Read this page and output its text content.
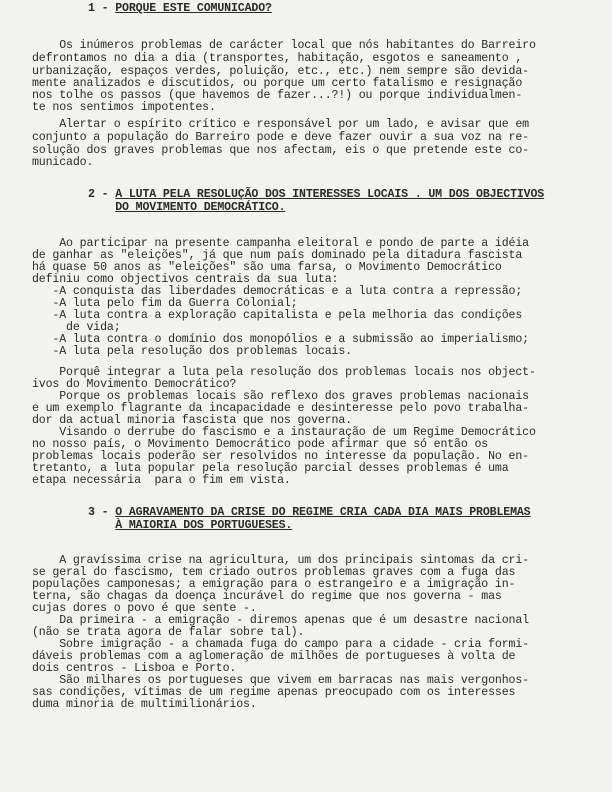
1 - PORQUE ESTE COMUNICADO?
Os inúmeros problemas de carácter local que nós habitantes do Barreiro
defrontamos no dia a dia (transportes, habitação, esgotos e saneamento ,
urbanização, espaços verdes, poluição, etc., etc.) nem sempre são devida-
mente analizados e discutidos, ou porque um certo fatalismo e resignação
nos tolhe os passos (que havemos de fazer...?!) ou porque individualmen-
te nos sentimos impotentes.
Alertar o espírito crítico e responsável por um lado, e avisar que em
conjunto a população do Barreiro pode e deve fazer ouvir a sua voz na re-
solução dos graves problemas que nos afectam, eis o que pretende este co-
municado.
2 - A LUTA PELA RESOLUÇÃO DOS INTERESSES LOCAIS . UM DOS OBJECTIVOS
DO MOVIMENTO DEMOCRÁTICO.
Ao participar na presente campanha eleitoral e pondo de parte a idéia
de ganhar as "eleições", já que num país dominado pela ditadura fascista
há quase 50 anos as "eleições" são uma farsa, o Movimento Democrático
definiu como objectivos centrais da sua luta:
-A conquista das liberdades democráticas e a luta contra a repressão;
-A luta pelo fim da Guerra Colonial;
-A luta contra a exploração capitalista e pela melhoria das condições
de vida;
-A luta contra o domínio dos monopólios e a submissão ao imperialismo;
-A luta pela resolução dos problemas locais.
Porquê integrar a luta pela resolução dos problemas locais nos object-
ivos do Movimento Democrático?
Porque os problemas locais são reflexo dos graves problemas nacionais
e um exemplo flagrante da incapacidade e desinteresse pelo povo trabalha-
dor da actual minoria fascista que nos governa.
Visando o derrube do fascismo e a instauração de um Regime Democrático
no nosso país, o Movimento Democrático pode afirmar que só então os
problemas locais poderão ser resolvidos no interesse da população. No en-
tretanto, a luta popular pela resolução parcial desses problemas é uma
etapa necessária  para o fim em vista.
3 - O AGRAVAMENTO DA CRISE DO REGIME CRIA CADA DIA MAIS PROBLEMAS
À MAIORIA DOS PORTUGUESES.
A gravíssima crise na agricultura, um dos principais sintomas da cri-
se geral do fascismo, tem criado outros problemas graves com a fuga das
populações camponesas; a emigração para o estrangeiro e a imigração in-
terna, são chagas da doença incurável do regime que nos governa - mas
cujas dores o povo é que sente -.
Da primeira - a emigração - diremos apenas que é um desastre nacional
(não se trata agora de falar sobre tal).
Sobre imigração - a chamada fuga do campo para a cidade - cria formi-
dáveis problemas com a aglomeração de milhões de portugueses à volta de
dois centros - Lisboa e Porto.
São milhares os portugueses que vivem em barracas nas mais vergonhos-
sas condições, vítimas de um regime apenas preocupado com os interesses
duma minoria de multimilionários.
